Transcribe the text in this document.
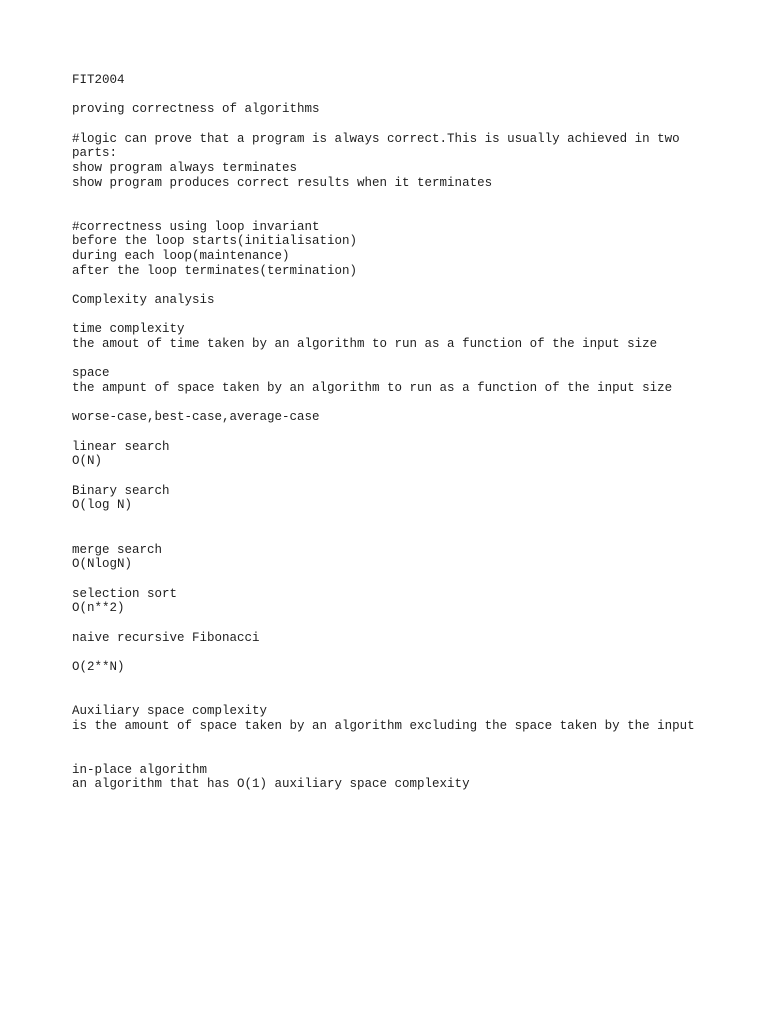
FIT2004
proving correctness of algorithms
#logic can prove that a program is always correct.This is usually achieved in two
parts:
show program always terminates
show program produces correct results when it terminates
#correctness using loop invariant
before the loop starts(initialisation)
during each loop(maintenance)
after the loop terminates(termination)
Complexity analysis
time complexity
the amout of time taken by an algorithm to run as a function of the input size
space
the ampunt of space taken by an algorithm to run as a function of the input size
worse-case,best-case,average-case
linear search
O(N)
Binary search
O(log N)
merge search
O(NlogN)
selection sort
O(n**2)
naive recursive Fibonacci
O(2**N)
Auxiliary space complexity
is the amount of space taken by an algorithm excluding the space taken by the input
in-place algorithm
an algorithm that has O(1) auxiliary space complexity
